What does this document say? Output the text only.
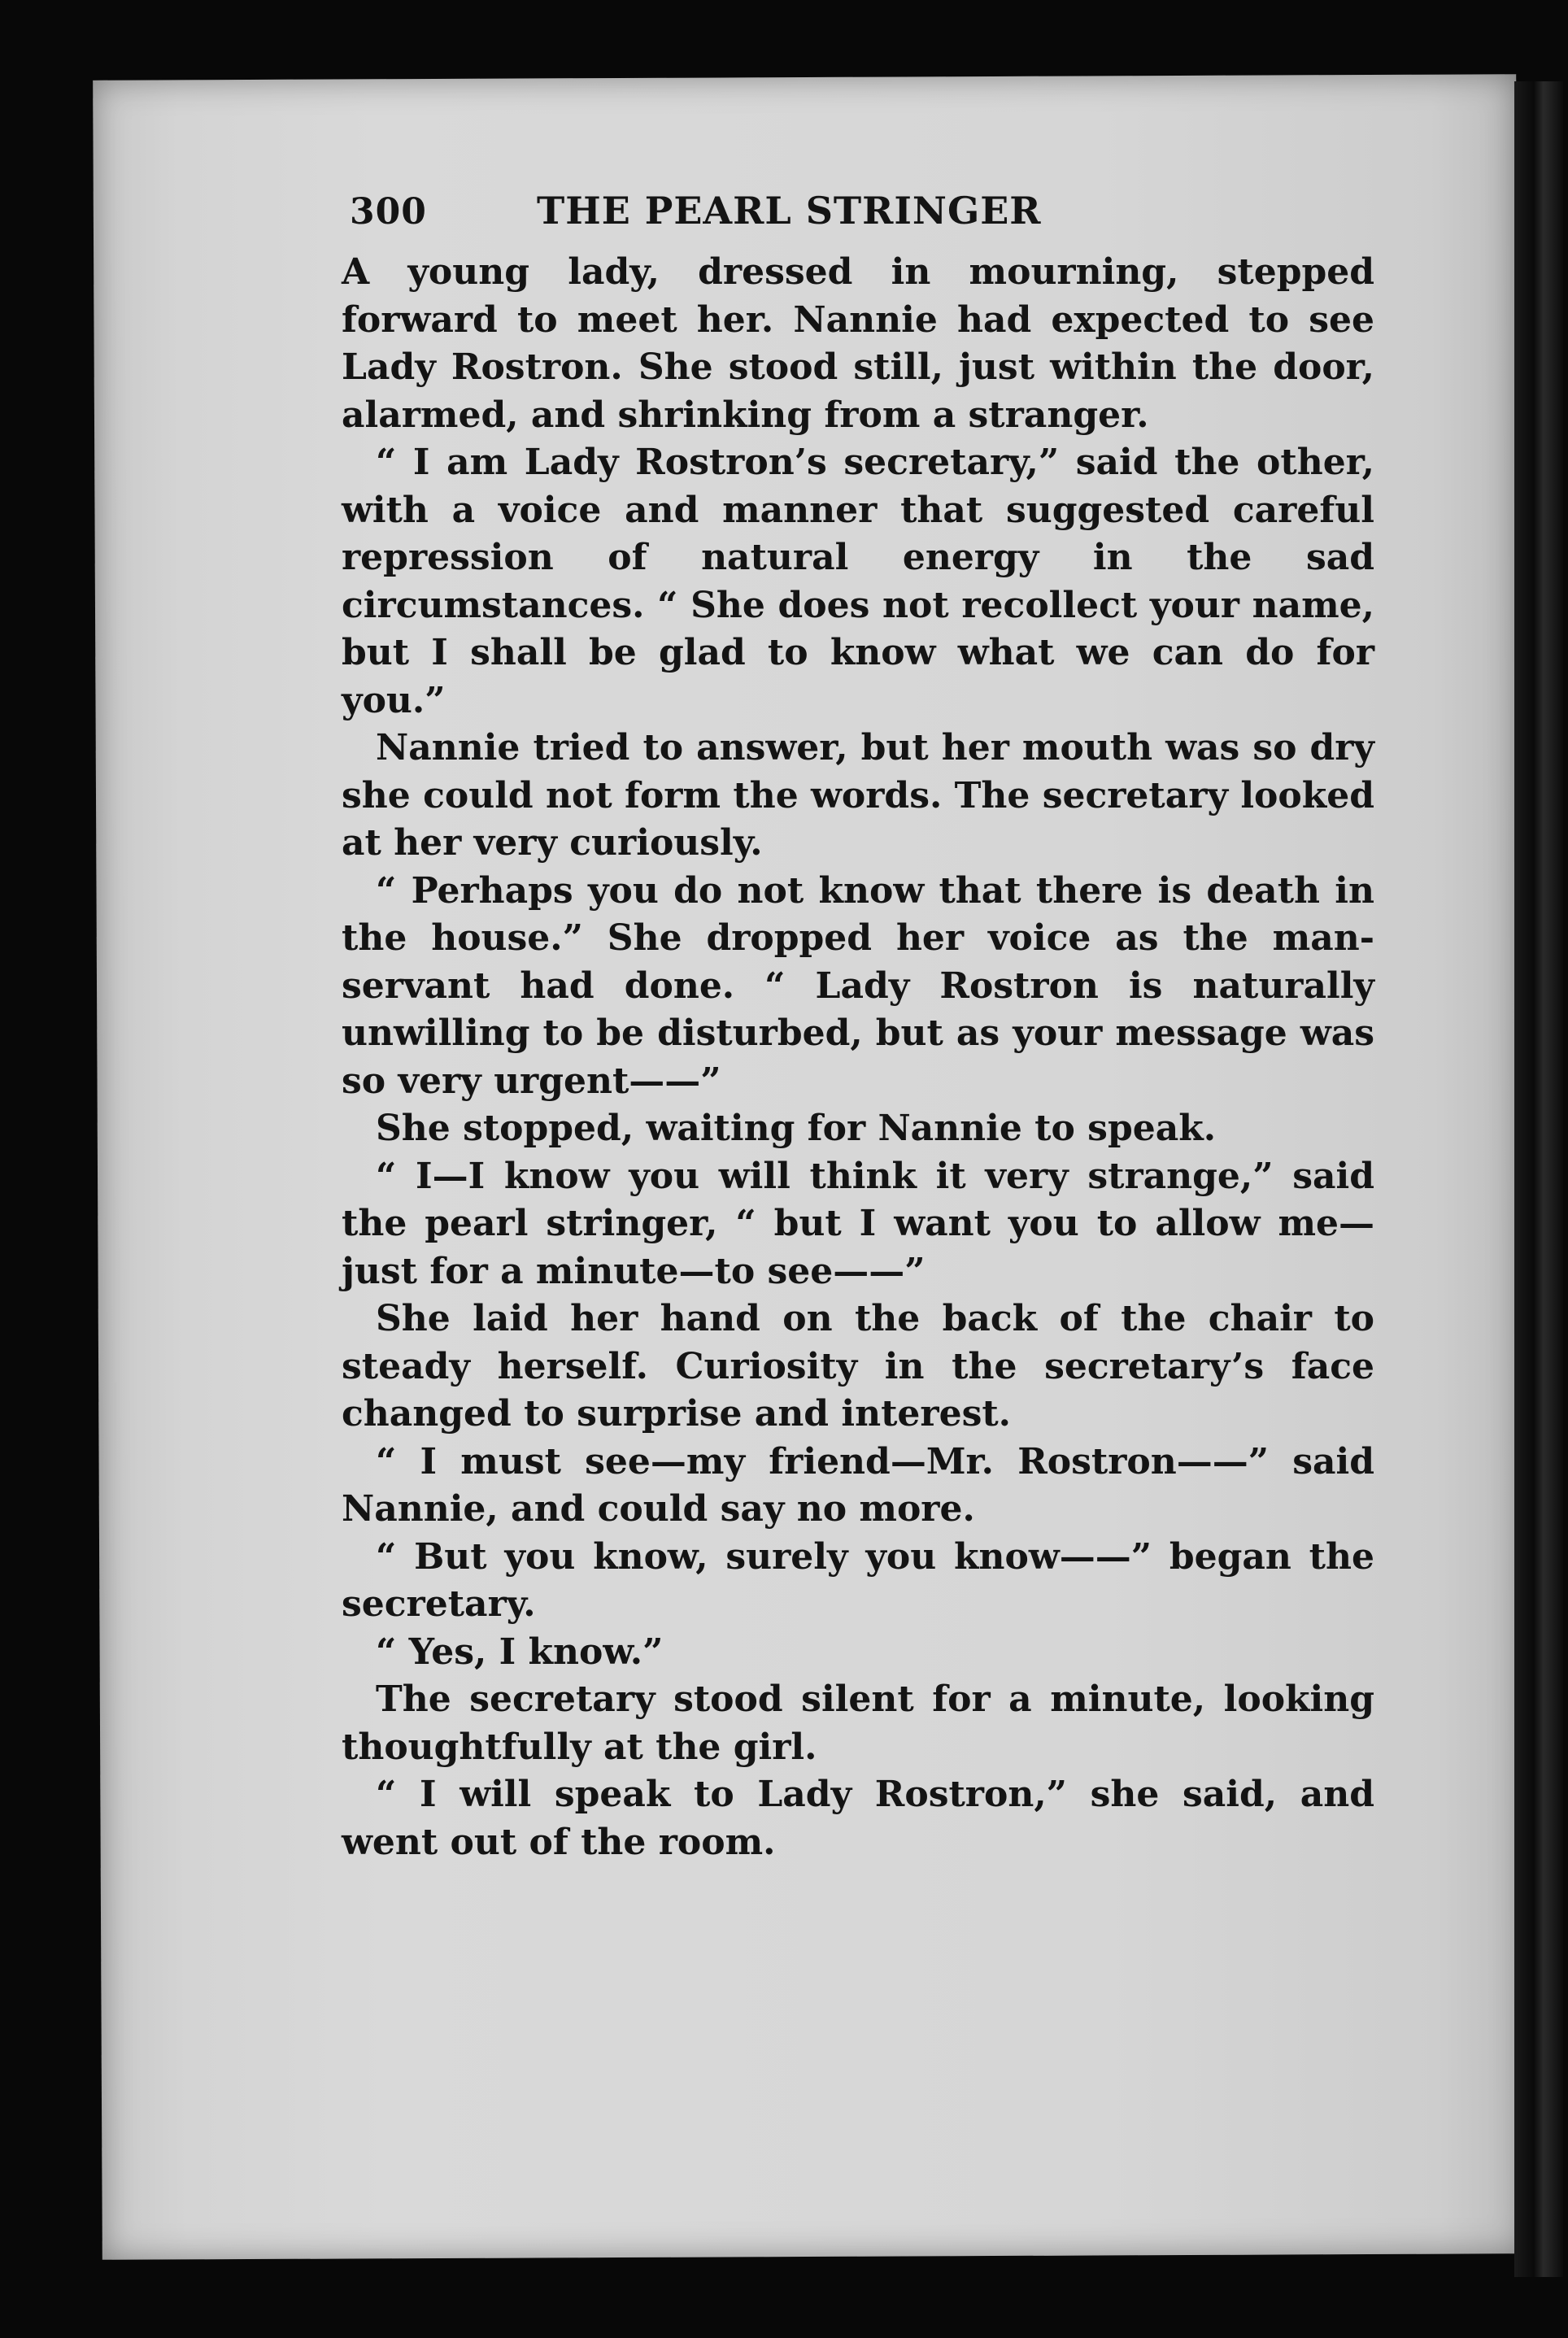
300	THE PEARL STRINGER

A young lady, dressed in mourning, stepped forward to meet her. Nannie had expected to see Lady Rostron. She stood still, just within the door, alarmed, and shrinking from a stranger.

“ I am Lady Rostron’s secretary,” said the other, with a voice and manner that suggested careful repression of natural energy in the sad circumstances. “ She does not recollect your name, but I shall be glad to know what we can do for you.”

Nannie tried to answer, but her mouth was so dry she could not form the words. The secretary looked at her very curiously.

“ Perhaps you do not know that there is death in the house.” She dropped her voice as the man-servant had done. “ Lady Rostron is naturally unwilling to be disturbed, but as your message was so very urgent——”

She stopped, waiting for Nannie to speak.

“ I—I know you will think it very strange,” said the pearl stringer, “ but I want you to allow me—just for a minute—to see——”

She laid her hand on the back of the chair to steady herself. Curiosity in the secretary’s face changed to surprise and interest.

“ I must see—my friend—Mr. Rostron——” said Nannie, and could say no more.

“ But you know, surely you know——” began the secretary.

“ Yes, I know.”

The secretary stood silent for a minute, looking thoughtfully at the girl.

“ I will speak to Lady Rostron,” she said, and went out of the room.
